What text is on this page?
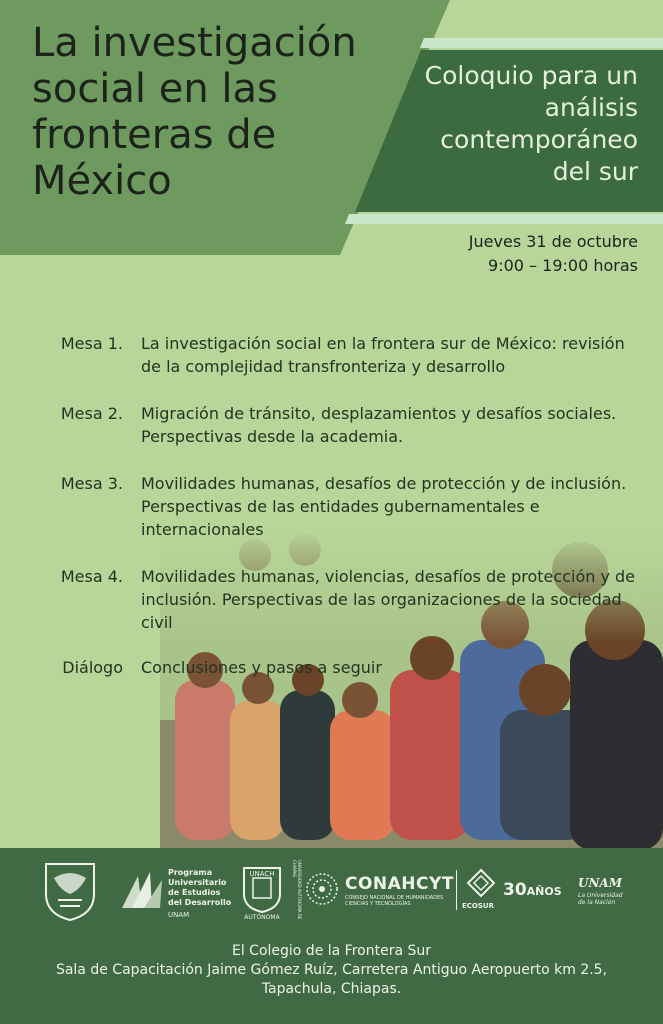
La investigación social en las fronteras de México
Coloquio para un análisis contemporáneo del sur
Jueves 31 de octubre
9:00 – 19:00 horas
Mesa 1. La investigación social en la frontera sur de México: revisión de la complejidad transfronteriza y desarrollo
Mesa 2. Migración de tránsito, desplazamientos y desafíos sociales. Perspectivas desde la academia.
Mesa 3. Movilidades humanas, desafíos de protección y de inclusión. Perspectivas de las entidades gubernamentales e internacionales
Mesa 4. Movilidades humanas, violencias, desafíos de protección y de inclusión. Perspectivas de las organizaciones de la sociedad civil
Diálogo Conclusiones y pasos a seguir
Programa
Universitario
de Estudios
del Desarrollo
UNAM
UNACH	UNIVERSIDAD AUTÓNOMA DE CHIAPAS
AUTÓNOMA
CONAHCYT
CONSEJO NACIONAL DE HUMANIDADES
CIENCIAS Y TECNOLOGÍAS	ECOSUR
30AÑOS
UNAM
La Universidad de la Nación
El Colegio de la Frontera Sur
Sala de Capacitación Jaime Gómez Ruíz, Carretera Antiguo Aeropuerto km 2.5,
Tapachula, Chiapas.
